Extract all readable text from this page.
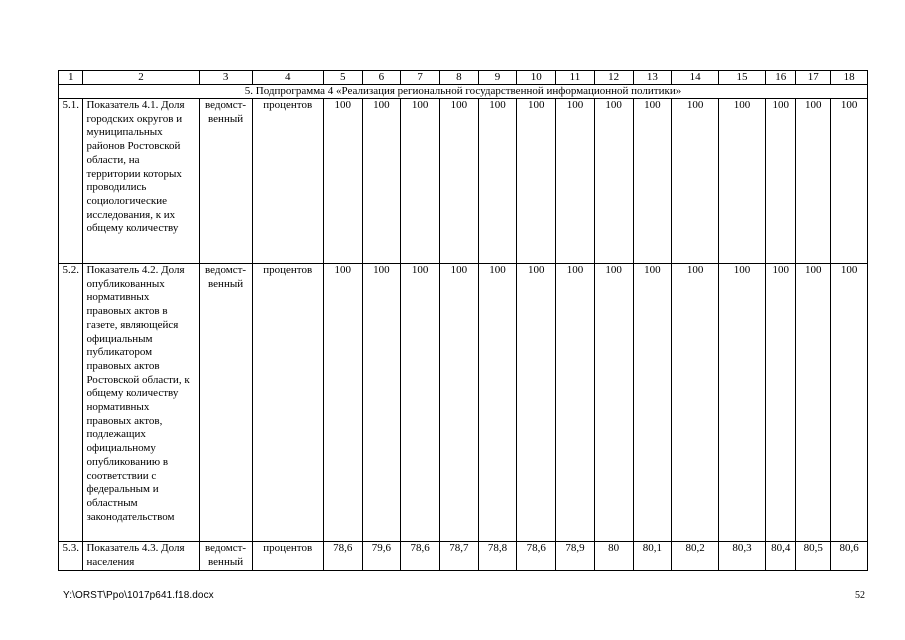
1	2	3	4	5	6	7	8	9	10	11	12	13	14	15	16	17	18
5. Подпрограмма 4 «Реализация региональной государственной информационной политики»																	
5.1.	Показатель 4.1. Доля городских округов и муниципальных районов Ростовской области, на территории которых проводились социологические исследования, к их общему количеству	ведомст-венный	процентов	100	100	100	100	100	100	100	100	100	100	100	100	100	100
5.2.	Показатель 4.2. Доля опубликованных нормативных правовых актов в газете, являющейся официальным публикатором правовых актов Ростовской области, к общему количеству нормативных правовых актов, подлежащих официальному опубликованию в соответствии с федеральным и областным законодательством	ведомст-венный	процентов	100	100	100	100	100	100	100	100	100	100	100	100	100	100
5.3.	Показатель 4.3. Доля населения	ведомст-венный	процентов	78,6	79,6	78,6	78,7	78,8	78,6	78,9	80	80,1	80,2	80,3	80,4	80,5	80,6
Y:\ORST\Ppo\1017p641.f18.docx	52
